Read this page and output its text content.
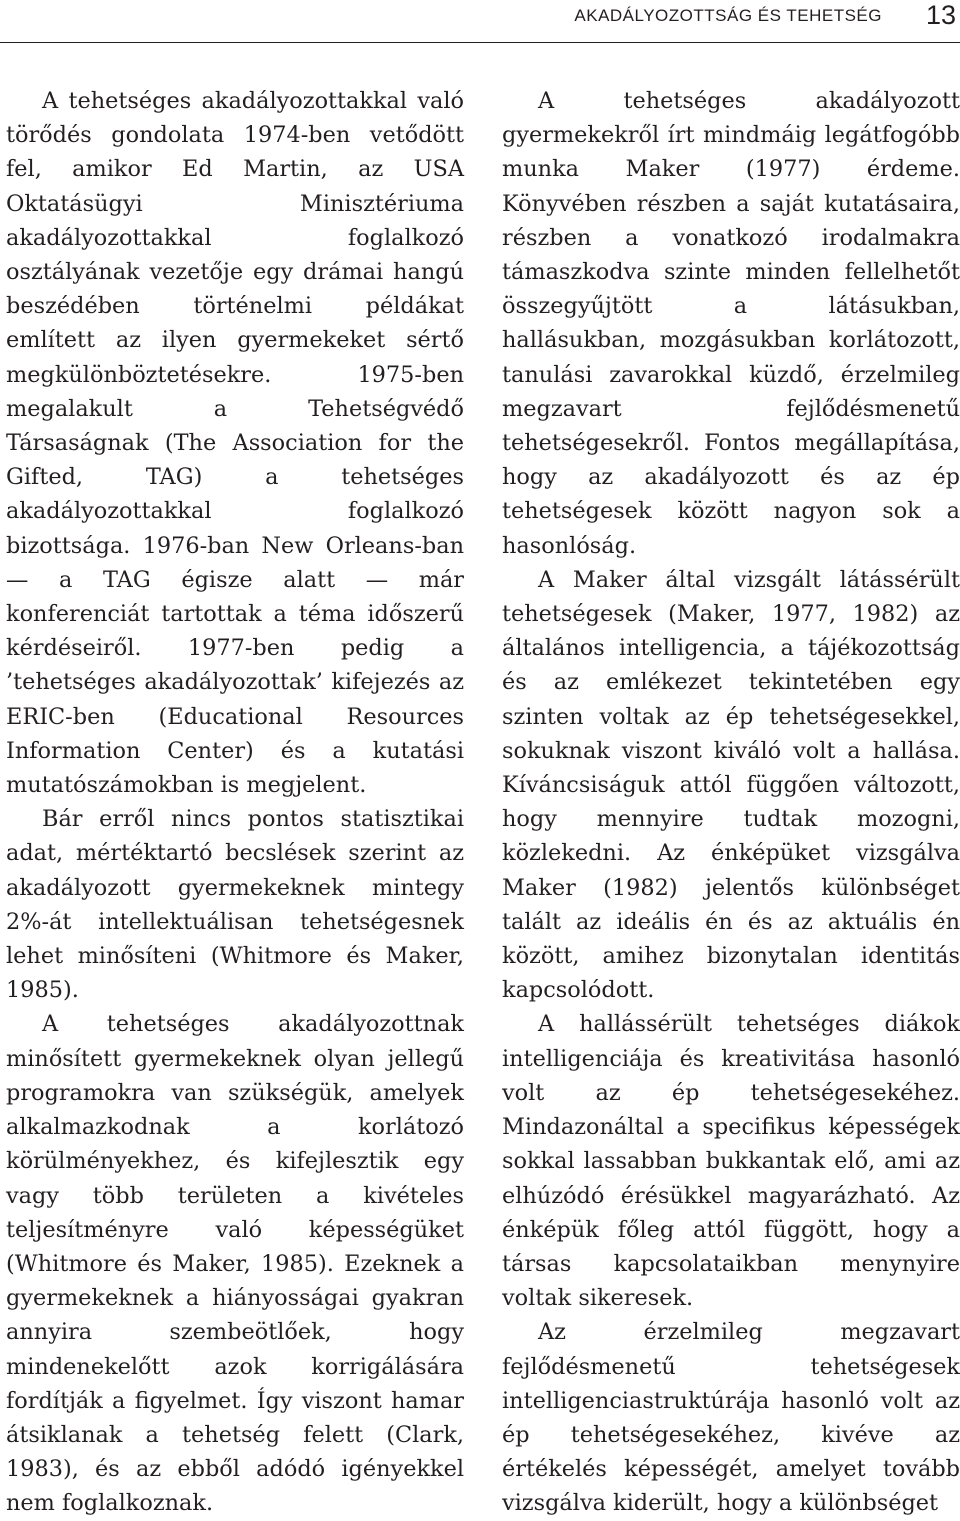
AKADÁLYOZOTTSÁG ÉS TEHETSÉG 13

A tehetséges akadályozottakkal való törődés gondolata 1974-ben vetődött fel, amikor Ed Martin, az USA Oktatásügyi Minisztériuma akadályozottakkal foglalkozó osztályának vezetője egy drámai hangú beszédében történelmi példákat említett az ilyen gyermekeket sértő megkülönböztetésekre. 1975-ben megalakult a Tehetségvédő Társaságnak (The Association for the Gifted, TAG) a tehetséges akadályozottakkal foglalkozó bizottsága. 1976-ban New Orleans-ban — a TAG égisze alatt — már konferenciát tartottak a téma időszerű kérdéseiről. 1977-ben pedig a ’tehetséges akadályozottak’ kifejezés az ERIC-ben (Educational Resources Information Center) és a kutatási mutatószámokban is megjelent.

Bár erről nincs pontos statisztikai adat, mértéktartó becslések szerint az akadályozott gyermekeknek mintegy 2%-át intellektuálisan tehetségesnek lehet minősíteni (Whitmore és Maker, 1985).

A tehetséges akadályozottnak minősített gyermekeknek olyan jellegű programokra van szükségük, amelyek alkalmazkodnak a korlátozó körülményekhez, és kifejlesztik egy vagy több területen a kivételes teljesítményre való képességüket (Whitmore és Maker, 1985). Ezeknek a gyermekeknek a hiányosságai gyakran annyira szembeötlőek, hogy mindenekelőtt azok korrigálására fordítják a figyelmet. Így viszont hamar átsiklanak a tehetség felett (Clark, 1983), és az ebből adódó igényekkel nem foglalkoznak.

A tehetséges akadályozott gyermekekről írt mindmáig legátfogóbb munka Maker (1977) érdeme. Könyvében részben a saját kutatásaira, részben a vonatkozó irodalmakra támaszkodva szinte minden fellelhetőt összegyűjtött a látásukban, hallásukban, mozgásukban korlátozott, tanulási zavarokkal küzdő, érzelmileg megzavart fejlődésmenetű tehetségesekről. Fontos megállapítása, hogy az akadályozott és az ép tehetségesek között nagyon sok a hasonlóság.

A Maker által vizsgált látássérült tehetségesek (Maker, 1977, 1982) az általános intelligencia, a tájékozottság és az emlékezet tekintetében egy szinten voltak az ép tehetségesekkel, sokuknak viszont kiváló volt a hallása. Kíváncsiságuk attól függően változott, hogy mennyire tudtak mozogni, közlekedni. Az énképüket vizsgálva Maker (1982) jelentős különbséget talált az ideális én és az aktuális én között, amihez bizonytalan identitás kapcsolódott.

A hallássérült tehetséges diákok intelligenciája és kreativitása hasonló volt az ép tehetségesekéhez. Mindazonáltal a specifikus képességek sokkal lassabban bukkantak elő, ami az elhúzódó érésükkel magyarázható. Az énképük főleg attól függött, hogy a társas kapcsolataikban menynyire voltak sikeresek.

Az érzelmileg megzavart fejlődésmenetű tehetségesek intelligenciastruktúrája hasonló volt az ép tehetségesekéhez, kivéve az értékelés képességét, amelyet tovább vizsgálva kiderült, hogy a különbséget
